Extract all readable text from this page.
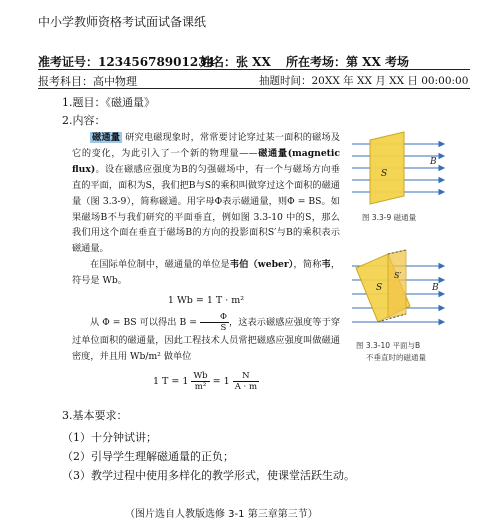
中小学教师资格考试面试备课纸
准考证号：12345678901234
姓名：张 XX 所在考场：第 XX 考场
报考科目：高中物理	抽题时间：20XX 年 XX 月 XX 日 00:00:00
1.题目：《磁通量》
2.内容：

磁通量 研究电磁现象时，常常要讨论穿过某一面积的磁场及它的变化，为此引入了一个新的物理量——磁通量(magnetic flux)。设在磁感应强度为B的匀强磁场中，有一个与磁场方向垂直的平面，面积为S，我们把B与S的乘积叫做穿过这个面积的磁通量（图 3.3-9），简称磁通。用字母Φ表示磁通量，则Φ = BS。如果磁场B不与我们研究的平面垂直，例如图 3.3-10 中的S，那么我们用这个面在垂直于磁场B的方向的投影面积S′与B的乘积表示磁通量。

在国际单位制中，磁通量的单位是韦伯（weber），简称韦，符号是 Wb。

1 Wb = 1 T · m²

从 Φ = BS 可以得出 $B = \frac{\Phi}{S}$ ，这表示磁感应强度等于穿过单位面积的磁通量，因此工程技术人员常把磁感应强度叫做磁通密度，并且用 Wb/m² 做单位

1 $T = 1 \frac{Wb}{\text{m²}} = 1 \frac{N}{A \cdot m}$
S
B
图 3.3-9 磁通量
S
S′
B
图 3.3-10 平面与B
不垂直时的磁通量
3.基本要求：
（1）十分钟试讲；
（2）引导学生理解磁通量的正负；
（3）教学过程中使用多样化的教学形式，使课堂活跃生动。
（图片选自人教版选修 3-1 第三章第三节）
